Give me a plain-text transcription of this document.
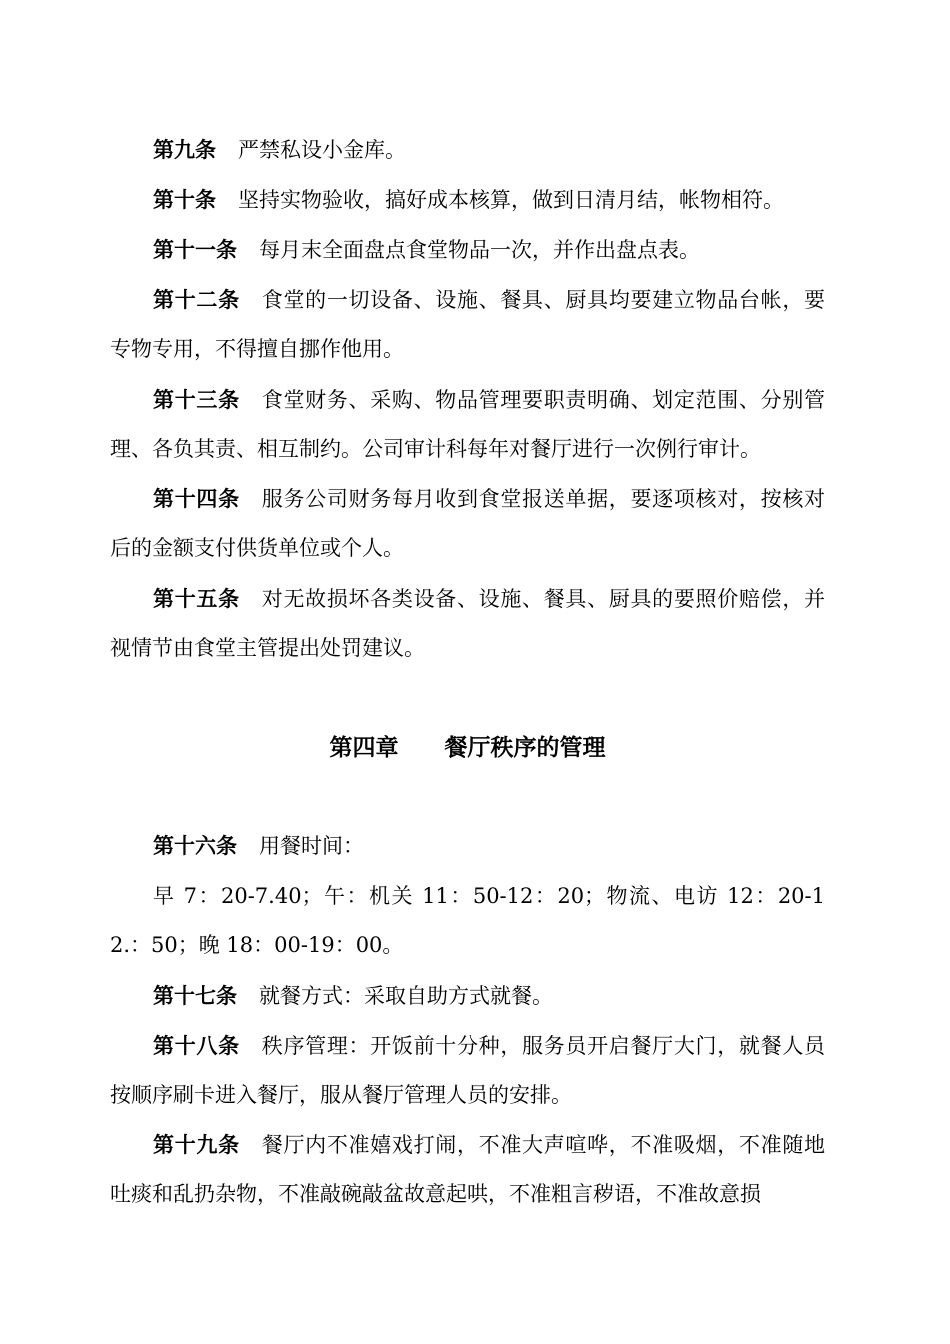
第九条 严禁私设小金库。

第十条 坚持实物验收，搞好成本核算，做到日清月结，帐物相符。

第十一条 每月末全面盘点食堂物品一次，并作出盘点表。

第十二条 食堂的一切设备、设施、餐具、厨具均要建立物品台帐，要专物专用，不得擅自挪作他用。

第十三条 食堂财务、采购、物品管理要职责明确、划定范围、分别管理、各负其责、相互制约。公司审计科每年对餐厅进行一次例行审计。

第十四条 服务公司财务每月收到食堂报送单据，要逐项核对，按核对后的金额支付供货单位或个人。

第十五条 对无故损坏各类设备、设施、餐具、厨具的要照价赔偿，并视情节由食堂主管提出处罚建议。

第四章 餐厅秩序的管理

第十六条 用餐时间：

早 7：20-7.40；午：机关 11：50-12：20；物流、电访 12：20-12.：50；晚 18：00-19：00。

第十七条 就餐方式：采取自助方式就餐。

第十八条 秩序管理：开饭前十分种，服务员开启餐厅大门，就餐人员按顺序刷卡进入餐厅，服从餐厅管理人员的安排。

第十九条 餐厅内不准嬉戏打闹，不准大声喧哗，不准吸烟，不准随地吐痰和乱扔杂物，不准敲碗敲盆故意起哄，不准粗言秽语，不准故意损
